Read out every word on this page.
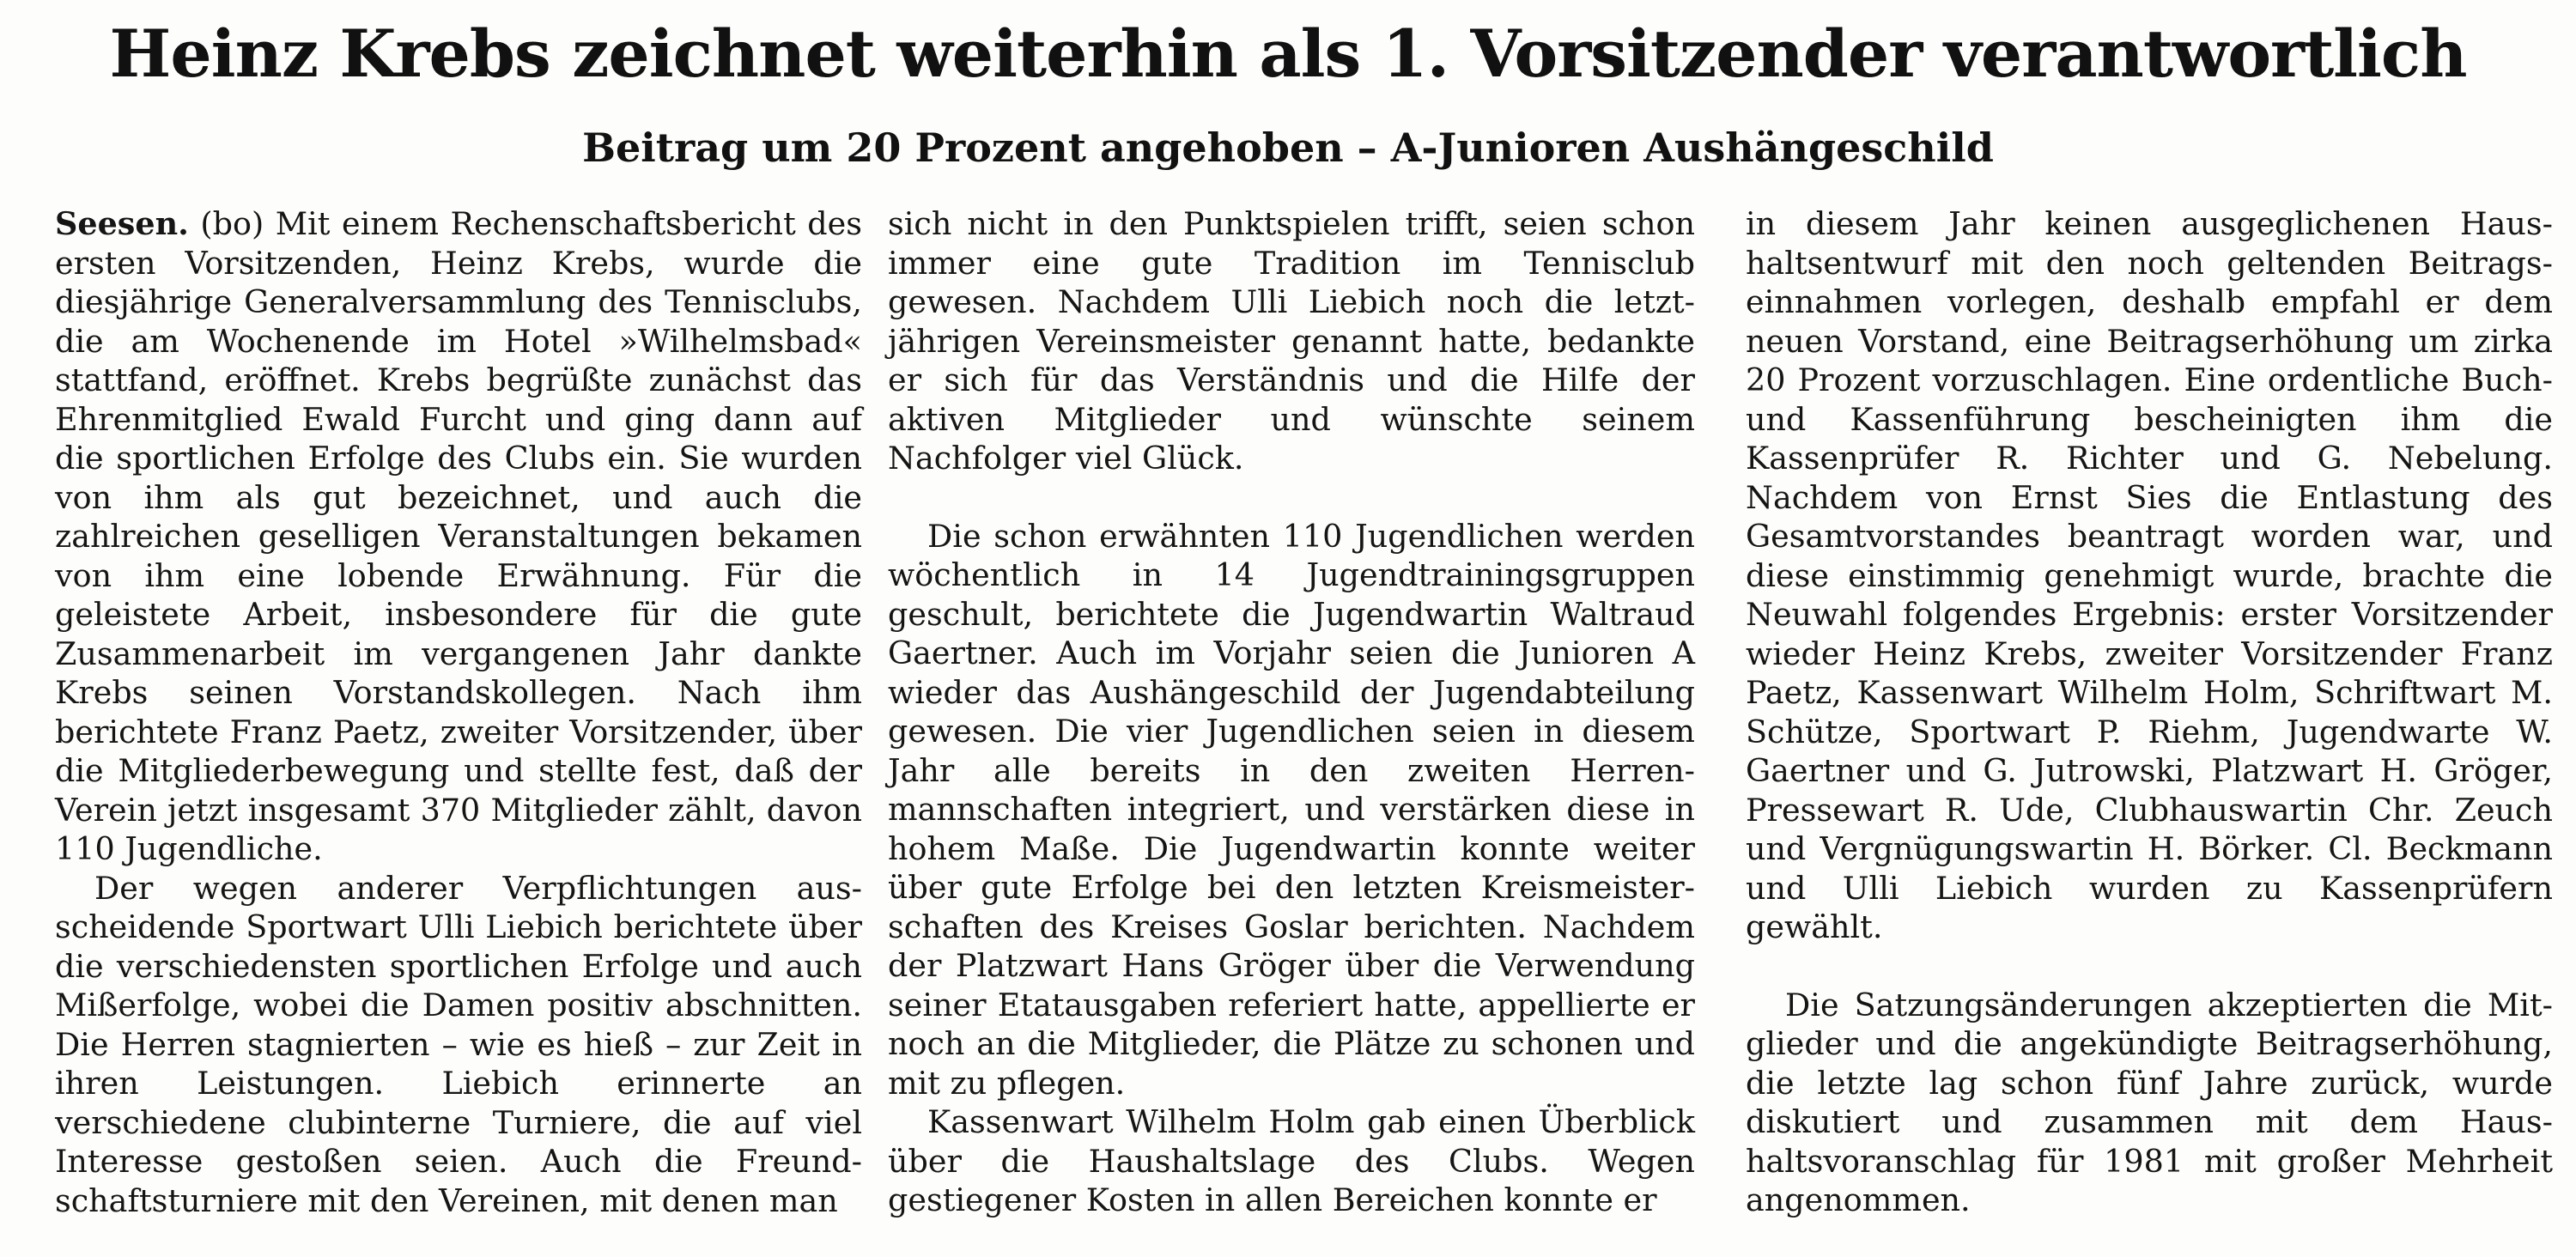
Heinz Krebs zeichnet weiterhin als 1. Vorsitzender verantwortlich
Beitrag um 20 Prozent angehoben – A-Junioren Aushängeschild

Seesen. (bo) Mit einem Rechenschaftsbericht des ersten Vorsitzenden, Heinz Krebs, wurde die diesjährige Generalversammlung des Tennisclubs, die am Wochenende im Hotel »Wilhelmsbad« stattfand, eröffnet. Krebs begrüßte zunächst das Ehrenmitglied Ewald Furcht und ging dann auf die sportlichen Erfolge des Clubs ein. Sie wurden von ihm als gut bezeichnet, und auch die zahlreichen geselligen Veranstaltungen bekamen von ihm eine lobende Erwähnung. Für die geleistete Arbeit, insbesondere für die gute Zusammenarbeit im vergangenen Jahr dankte Krebs seinen Vorstandskollegen. Nach ihm berichtete Franz Paetz, zweiter Vorsitzender, über die Mitgliederbewegung und stellte fest, daß der Verein jetzt insgesamt 370 Mitglieder zählt, davon 110 Jugendliche.

Der wegen anderer Verpflichtungen ausscheidende Sportwart Ulli Liebich berichtete über die verschiedensten sportlichen Erfolge und auch Mißerfolge, wobei die Damen positiv abschnitten. Die Herren stagnierten – wie es hieß – zur Zeit in ihren Leistungen. Liebich erinnerte an verschiedene clubinterne Turniere, die auf viel Interesse gestoßen seien. Auch die Freundschaftsturniere mit den Vereinen, mit denen man

sich nicht in den Punktspielen trifft, seien schon immer eine gute Tradition im Tennisclub gewesen. Nachdem Ulli Liebich noch die letztjährigen Vereinsmeister genannt hatte, bedankte er sich für das Verständnis und die Hilfe der aktiven Mitglieder und wünschte seinem Nachfolger viel Glück.

Die schon erwähnten 110 Jugendlichen werden wöchentlich in 14 Jugendtrainingsgruppen geschult, berichtete die Jugendwartin Waltraud Gaertner. Auch im Vorjahr seien die Junioren A wieder das Aushängeschild der Jugendabteilung gewesen. Die vier Jugendlichen seien in diesem Jahr alle bereits in den zweiten Herrenmannschaften integriert, und verstärken diese in hohem Maße. Die Jugendwartin konnte weiter über gute Erfolge bei den letzten Kreismeisterschaften des Kreises Goslar berichten. Nachdem der Platzwart Hans Gröger über die Verwendung seiner Etatausgaben referiert hatte, appellierte er noch an die Mitglieder, die Plätze zu schonen und mit zu pflegen.

Kassenwart Wilhelm Holm gab einen Überblick über die Haushaltslage des Clubs. Wegen gestiegener Kosten in allen Bereichen konnte er

in diesem Jahr keinen ausgeglichenen Haushaltsentwurf mit den noch geltenden Beitragseinnahmen vorlegen, deshalb empfahl er dem neuen Vorstand, eine Beitragserhöhung um zirka 20 Prozent vorzuschlagen. Eine ordentliche Buch- und Kassenführung bescheinigten ihm die Kassenprüfer R. Richter und G. Nebelung. Nachdem von Ernst Sies die Entlastung des Gesamtvorstandes beantragt worden war, und diese einstimmig genehmigt wurde, brachte die Neuwahl folgendes Ergebnis: erster Vorsitzender wieder Heinz Krebs, zweiter Vorsitzender Franz Paetz, Kassenwart Wilhelm Holm, Schriftwart M. Schütze, Sportwart P. Riehm, Jugendwarte W. Gaertner und G. Jutrowski, Platzwart H. Gröger, Pressewart R. Ude, Clubhauswartin Chr. Zeuch und Vergnügungswartin H. Börker. Cl. Beckmann und Ulli Liebich wurden zu Kassenprüfern gewählt.

Die Satzungsänderungen akzeptierten die Mitglieder und die angekündigte Beitragserhöhung, die letzte lag schon fünf Jahre zurück, wurde diskutiert und zusammen mit dem Haushaltsvoranschlag für 1981 mit großer Mehrheit angenommen.
